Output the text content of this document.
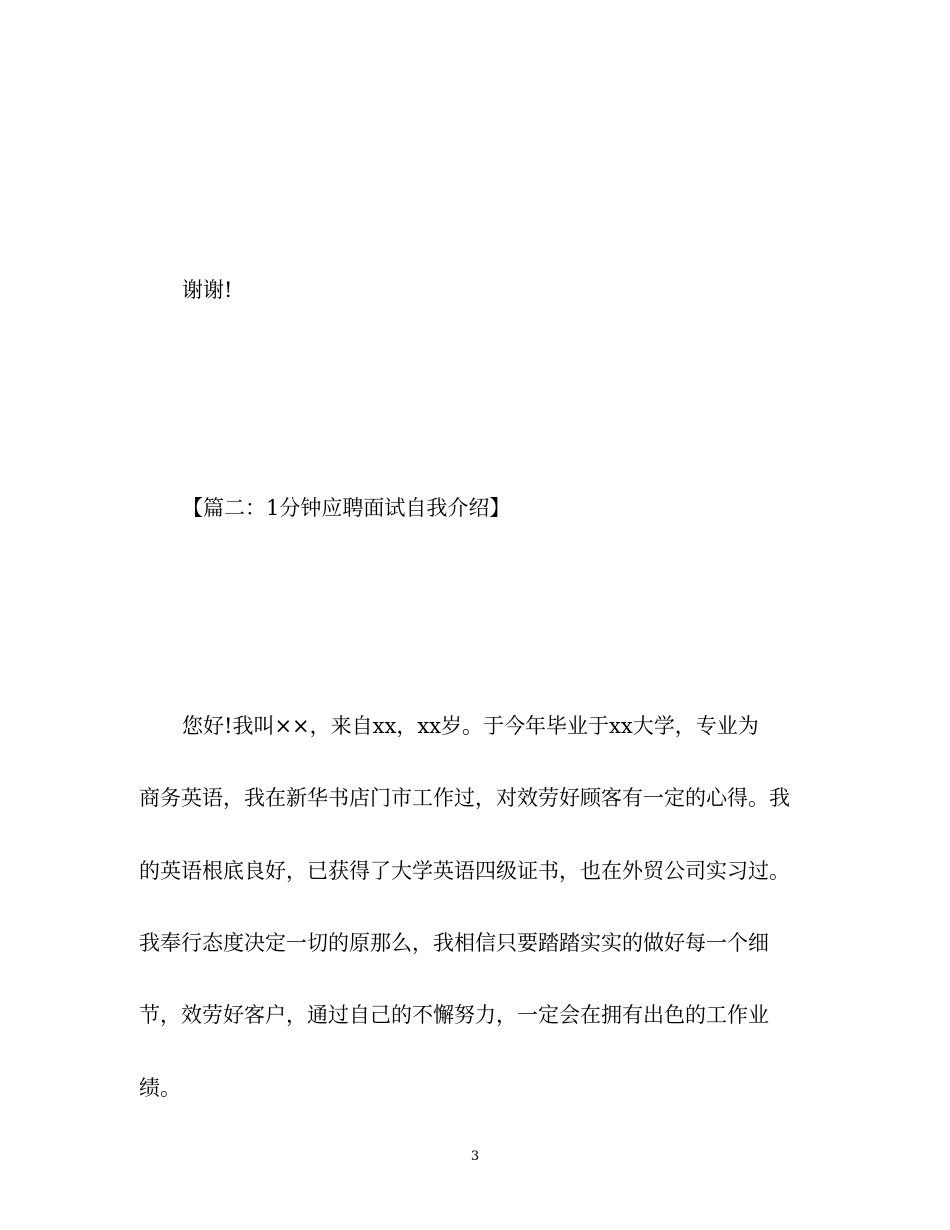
谢谢!
【篇二：1分钟应聘面试自我介绍】
您好!我叫××，来自xx，xx岁。于今年毕业于xx大学，专业为
商务英语，我在新华书店门市工作过，对效劳好顾客有一定的心得。我
的英语根底良好，已获得了大学英语四级证书，也在外贸公司实习过。
我奉行态度决定一切的原那么，我相信只要踏踏实实的做好每一个细
节，效劳好客户，通过自己的不懈努力，一定会在拥有出色的工作业
绩。
3
